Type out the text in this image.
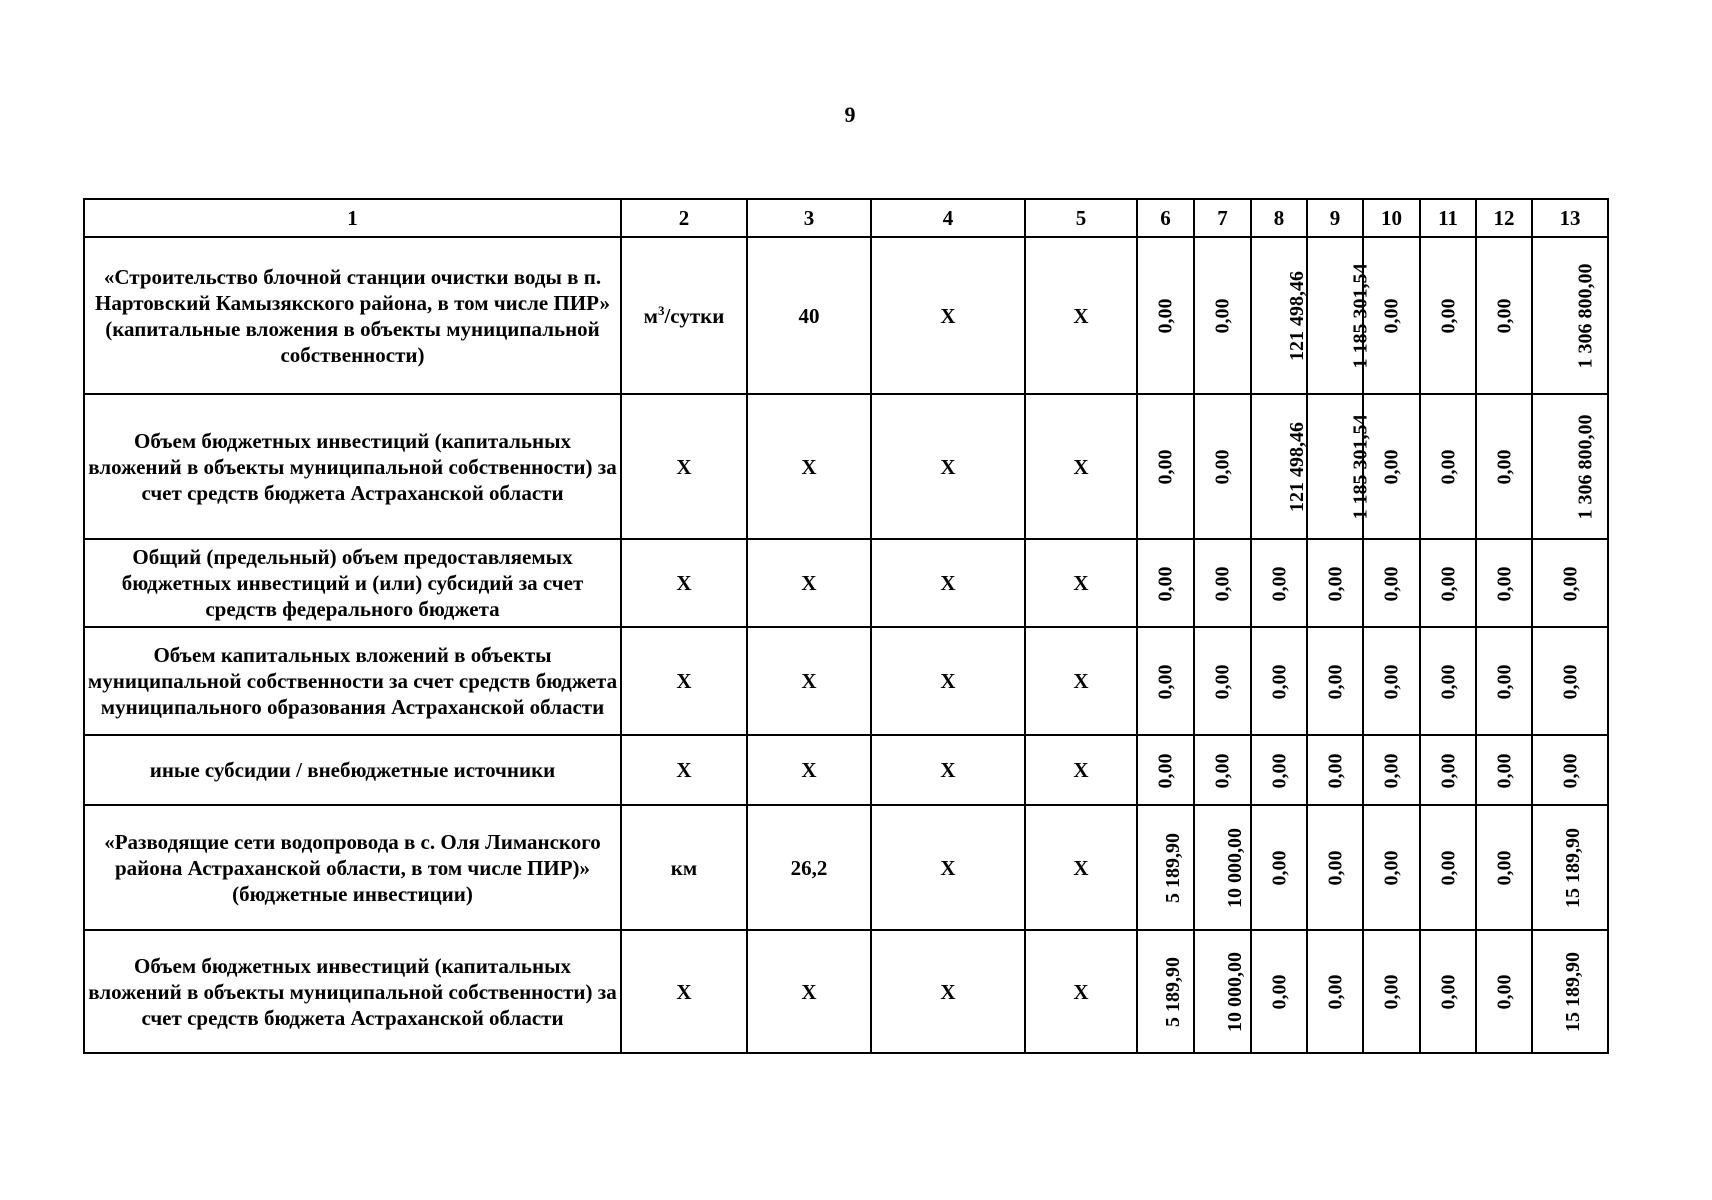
9
1	2	3	4	5	6	7	8	9	10	11	12	13
«Строительство блочной станции очистки воды в п. Нартовский Камызякского района, в том числе ПИР» (капитальные вложения в объекты муниципальной собственности)	$м^3$/сутки	40	X	X	0,00	0,00	121 498,46	1 185 301,54	0,00	0,00	0,00	1 306 800,00
Объем бюджетных инвестиций (капитальных вложений в объекты муниципальной собственности) за счет средств бюджета Астраханской области	X	X	X	X	0,00	0,00	121 498,46	1 185 301,54	0,00	0,00	0,00	1 306 800,00
Общий (предельный) объем предоставляемых бюджетных инвестиций и (или) субсидий за счет средств федерального бюджета	X	X	X	X	0,00	0,00	0,00	0,00	0,00	0,00	0,00	0,00
Объем капитальных вложений в объекты муниципальной собственности за счет средств бюджета муниципального образования Астраханской области	X	X	X	X	0,00	0,00	0,00	0,00	0,00	0,00	0,00	0,00
иные субсидии / внебюджетные источники	X	X	X	X	0,00	0,00	0,00	0,00	0,00	0,00	0,00	0,00
«Разводящие сети водопровода в с. Оля Лиманского района Астраханской области, в том числе ПИР)» (бюджетные инвестиции)	км	26,2	X	X	5 189,90	10 000,00	0,00	0,00	0,00	0,00	0,00	15 189,90
Объем бюджетных инвестиций (капитальных вложений в объекты муниципальной собственности) за счет средств бюджета Астраханской области	X	X	X	X	5 189,90	10 000,00	0,00	0,00	0,00	0,00	0,00	15 189,90
